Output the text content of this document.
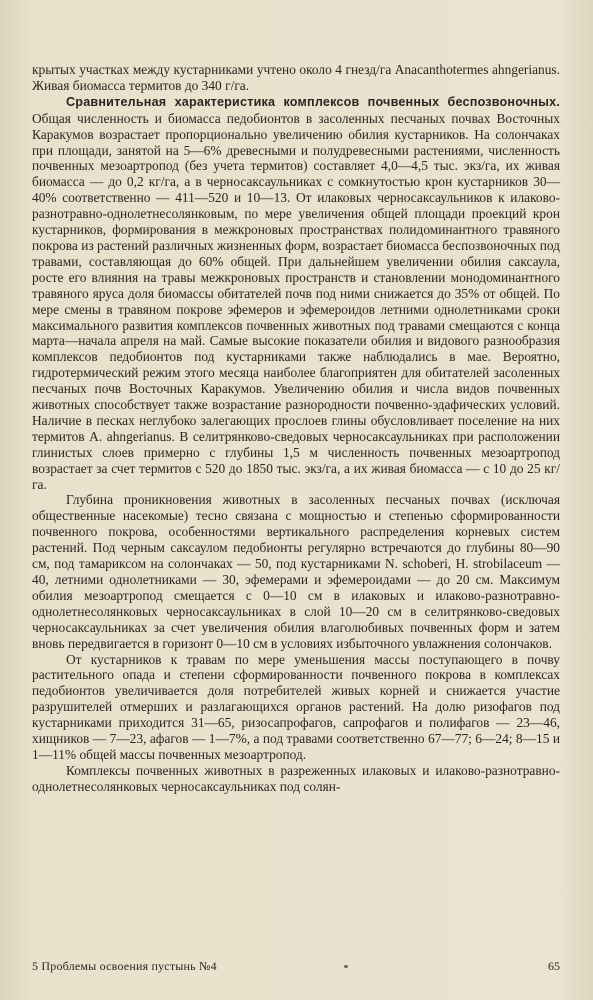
крытых участках между кустарниками учтено около 4 гнезд/га Anacanthotermes ahngerianus. Живая биомасса термитов до 340 г/га.

Сравнительная характеристика комплексов почвенных беспозвоночных. Общая численность и биомасса педобионтов в засоленных песчаных почвах Восточных Каракумов возрастает пропорционально увеличению обилия кустарников. На солончаках при площади, занятой на 5—6% древесными и полудревесными растениями, численность почвенных мезоартропод (без учета термитов) составляет 4,0—4,5 тыс. экз/га, их живая биомасса — до 0,2 кг/га, а в черносаксаульниках с сомкнутостью крон кустарников 30—40% соответственно — 411—520 и 10—13. От илаковых черносаксаульников к илаково-разнотравно-однолетнесолянковым, по мере увеличения общей площади проекций крон кустарников, формирования в межкроновых пространствах полидоминантного травяного покрова из растений различных жизненных форм, возрастает биомасса беспозвоночных под травами, составляющая до 60% общей. При дальнейшем увеличении обилия саксаула, росте его влияния на травы межкроновых пространств и становлении монодоминантного травяного яруса доля биомассы обитателей почв под ними снижается до 35% от общей. По мере смены в травяном покрове эфемеров и эфемероидов летними однолетниками сроки максимального развития комплексов почвенных животных под травами смещаются с конца марта—начала апреля на май. Самые высокие показатели обилия и видового разнообразия комплексов педобионтов под кустарниками также наблюдались в мае. Вероятно, гидротермический режим этого месяца наиболее благоприятен для обитателей засоленных песчаных почв Восточных Каракумов. Увеличению обилия и числа видов почвенных животных способствует также возрастание разнородности почвенно-эдафических условий. Наличие в песках неглубоко залегающих прослоев глины обусловливает поселение на них термитов A. ahngerianus. В селитрянково-сведовых черносаксаульниках при расположении глинистых слоев примерно с глубины 1,5 м численность почвенных мезоартропод возрастает за счет термитов с 520 до 1850 тыс. экз/га, а их живая биомасса — с 10 до 25 кг/га.

Глубина проникновения животных в засоленных песчаных почвах (исключая общественные насекомые) тесно связана с мощностью и степенью сформированности почвенного покрова, особенностями вертикального распределения корневых систем растений. Под черным саксаулом педобионты регулярно встречаются до глубины 80—90 см, под тамариксом на солончаках — 50, под кустарниками N. schoberi, H. strobilaceum — 40, летними однолетниками — 30, эфемерами и эфемероидами — до 20 см. Максимум обилия мезоартропод смещается с 0—10 см в илаковых и илаково-разнотравно-однолетнесолянковых черносаксаульниках в слой 10—20 см в селитрянково-сведовых черносаксаульниках за счет увеличения обилия влаголюбивых почвенных форм и затем вновь передвигается в горизонт 0—10 см в условиях избыточного увлажнения солончаков.

От кустарников к травам по мере уменьшения массы поступающего в почву растительного опада и степени сформированности почвенного покрова в комплексах педобионтов увеличивается доля потребителей живых корней и снижается участие разрушителей отмерших и разлагающихся органов растений. На долю ризофагов под кустарниками приходится 31—65, ризосапрофагов, сапрофагов и полифагов — 23—46, хищников — 7—23, афагов — 1—7%, а под травами соответственно 67—77; 6—24; 8—15 и 1—11% общей массы почвенных мезоартропод.

Комплексы почвенных животных в разреженных илаковых и илаково-разнотравно-однолетнесолянковых черносаксаульниках под солян-

5 Проблемы освоения пустынь №4	65
